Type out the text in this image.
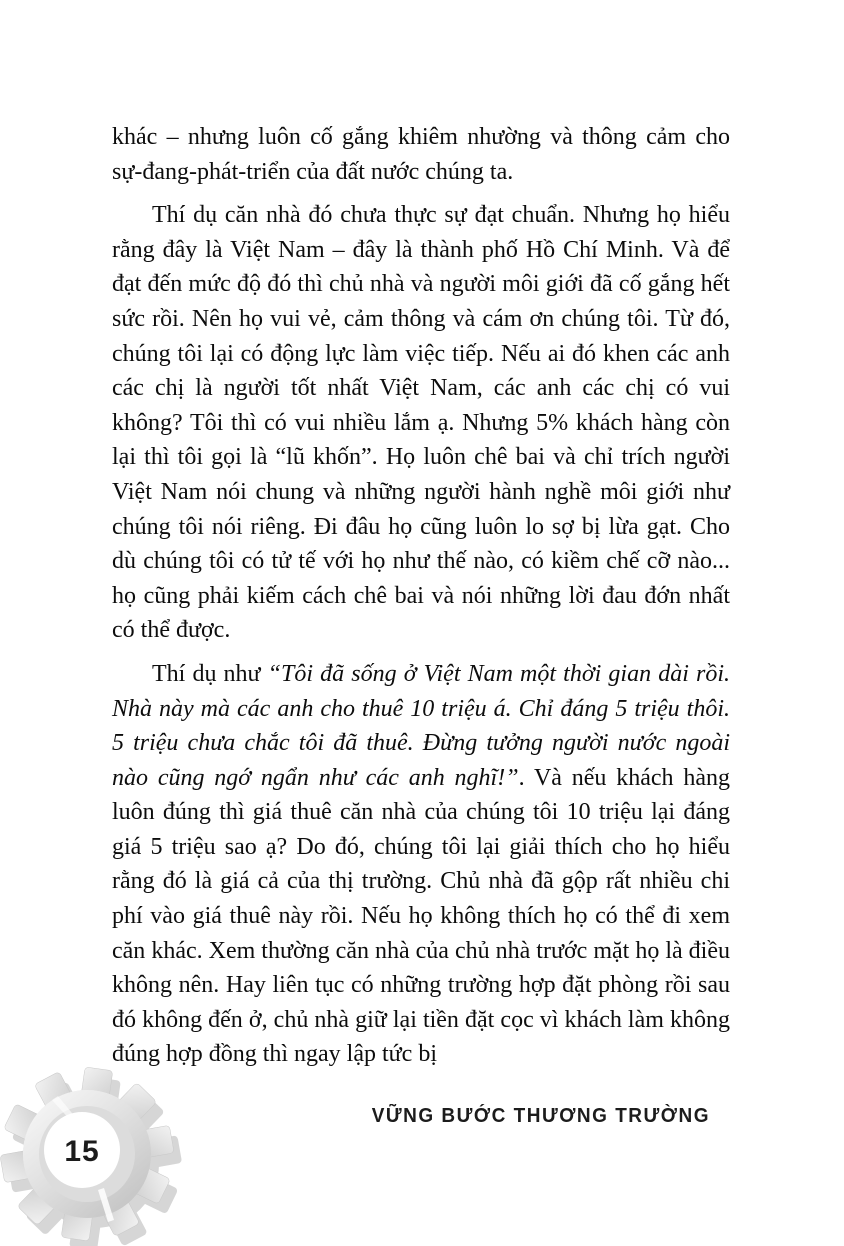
khác – nhưng luôn cố gắng khiêm nhường và thông cảm cho sự-đang-phát-triển của đất nước chúng ta.

Thí dụ căn nhà đó chưa thực sự đạt chuẩn. Nhưng họ hiểu rằng đây là Việt Nam – đây là thành phố Hồ Chí Minh. Và để đạt đến mức độ đó thì chủ nhà và người môi giới đã cố gắng hết sức rồi. Nên họ vui vẻ, cảm thông và cám ơn chúng tôi. Từ đó, chúng tôi lại có động lực làm việc tiếp. Nếu ai đó khen các anh các chị là người tốt nhất Việt Nam, các anh các chị có vui không? Tôi thì có vui nhiều lắm ạ. Nhưng 5% khách hàng còn lại thì tôi gọi là “lũ khốn”. Họ luôn chê bai và chỉ trích người Việt Nam nói chung và những người hành nghề môi giới như chúng tôi nói riêng. Đi đâu họ cũng luôn lo sợ bị lừa gạt. Cho dù chúng tôi có tử tế với họ như thế nào, có kiềm chế cỡ nào... họ cũng phải kiếm cách chê bai và nói những lời đau đớn nhất có thể được.

Thí dụ như “Tôi đã sống ở Việt Nam một thời gian dài rồi. Nhà này mà các anh cho thuê 10 triệu á. Chỉ đáng 5 triệu thôi. 5 triệu chưa chắc tôi đã thuê. Đừng tưởng người nước ngoài nào cũng ngớ ngẩn như các anh nghĩ!”. Và nếu khách hàng luôn đúng thì giá thuê căn nhà của chúng tôi 10 triệu lại đáng giá 5 triệu sao ạ? Do đó, chúng tôi lại giải thích cho họ hiểu rằng đó là giá cả của thị trường. Chủ nhà đã gộp rất nhiều chi phí vào giá thuê này rồi. Nếu họ không thích họ có thể đi xem căn khác. Xem thường căn nhà của chủ nhà trước mặt họ là điều không nên. Hay liên tục có những trường hợp đặt phòng rồi sau đó không đến ở, chủ nhà giữ lại tiền đặt cọc vì khách làm không đúng hợp đồng thì ngay lập tức bị

VỮNG BƯỚC THƯƠNG TRƯỜNG
15
